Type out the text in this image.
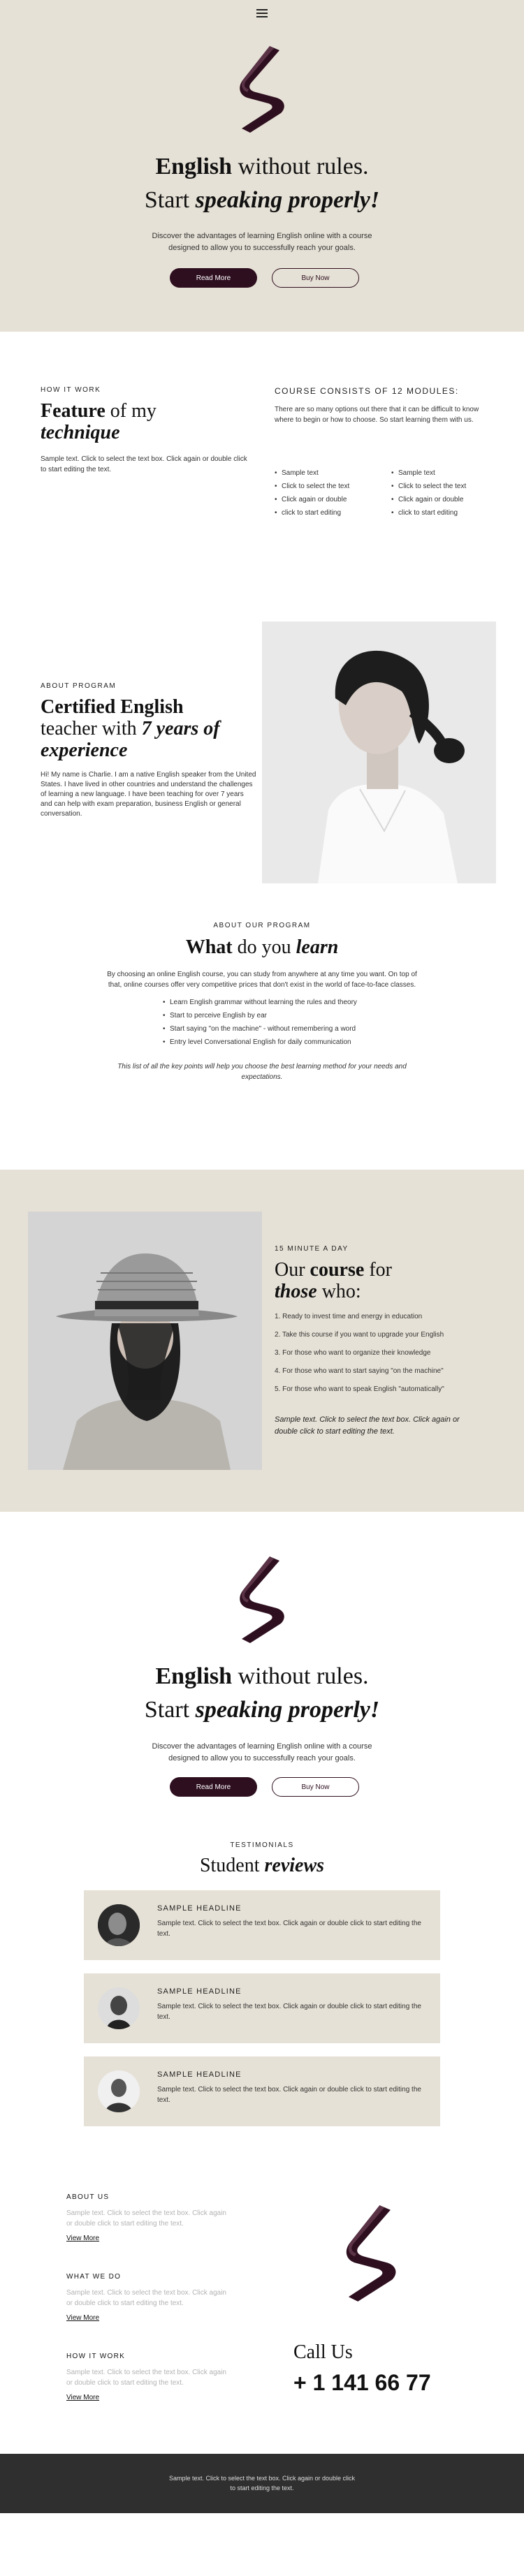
English without rules.
Start speaking properly!
Discover the advantages of learning English online with a course designed to allow you to successfully reach your goals.
Read More	Buy Now
HOW IT WORK
Feature of my
technique
Sample text. Click to select the text box. Click again or double click to start editing the text.
COURSE CONSISTS OF 12 MODULES:
There are so many options out there that it can be difficult to know where to begin or how to choose. So start learning them with us.
• Sample text
• Click to select the text
• Click again or double
• click to start editing
• Sample text
• Click to select the text
• Click again or double
• click to start editing
ABOUT PROGRAM
Certified English
teacher with 7 years of experience
Hi! My name is Charlie. I am a native English speaker from the United States. I have lived in other countries and understand the challenges of learning a new language. I have been teaching for over 7 years and can help with exam preparation, business English or general conversation.
ABOUT OUR PROGRAM
What do you learn
By choosing an online English course, you can study from anywhere at any time you want. On top of that, online courses offer very competitive prices that don't exist in the world of face-to-face classes.
• Learn English grammar without learning the rules and theory
• Start to perceive English by ear
• Start saying "on the machine" - without remembering a word
• Entry level Conversational English for daily communication
This list of all the key points will help you choose the best learning method for your needs and expectations.
15 MINUTE A DAY
Our course for
those who:
1. Ready to invest time and energy in education
2. Take this course if you want to upgrade your English
3. For those who want to organize their knowledge
4. For those who want to start saying "on the machine"
5. For those who want to speak English "automatically"
Sample text. Click to select the text box. Click again or double click to start editing the text.
English without rules.
Start speaking properly!
Discover the advantages of learning English online with a course designed to allow you to successfully reach your goals.
Read More	Buy Now
TESTIMONIALS
Student reviews
SAMPLE HEADLINE
Sample text. Click to select the text box. Click again or double click to start editing the text.
SAMPLE HEADLINE
Sample text. Click to select the text box. Click again or double click to start editing the text.
SAMPLE HEADLINE
Sample text. Click to select the text box. Click again or double click to start editing the text.
ABOUT US
Sample text. Click to select the text box. Click again or double click to start editing the text.
View More
WHAT WE DO
Sample text. Click to select the text box. Click again or double click to start editing the text.
View More
HOW IT WORK
Sample text. Click to select the text box. Click again or double click to start editing the text.
View More
Call Us
+ 1 141 66 77
Sample text. Click to select the text box. Click again or double click to start editing the text.
